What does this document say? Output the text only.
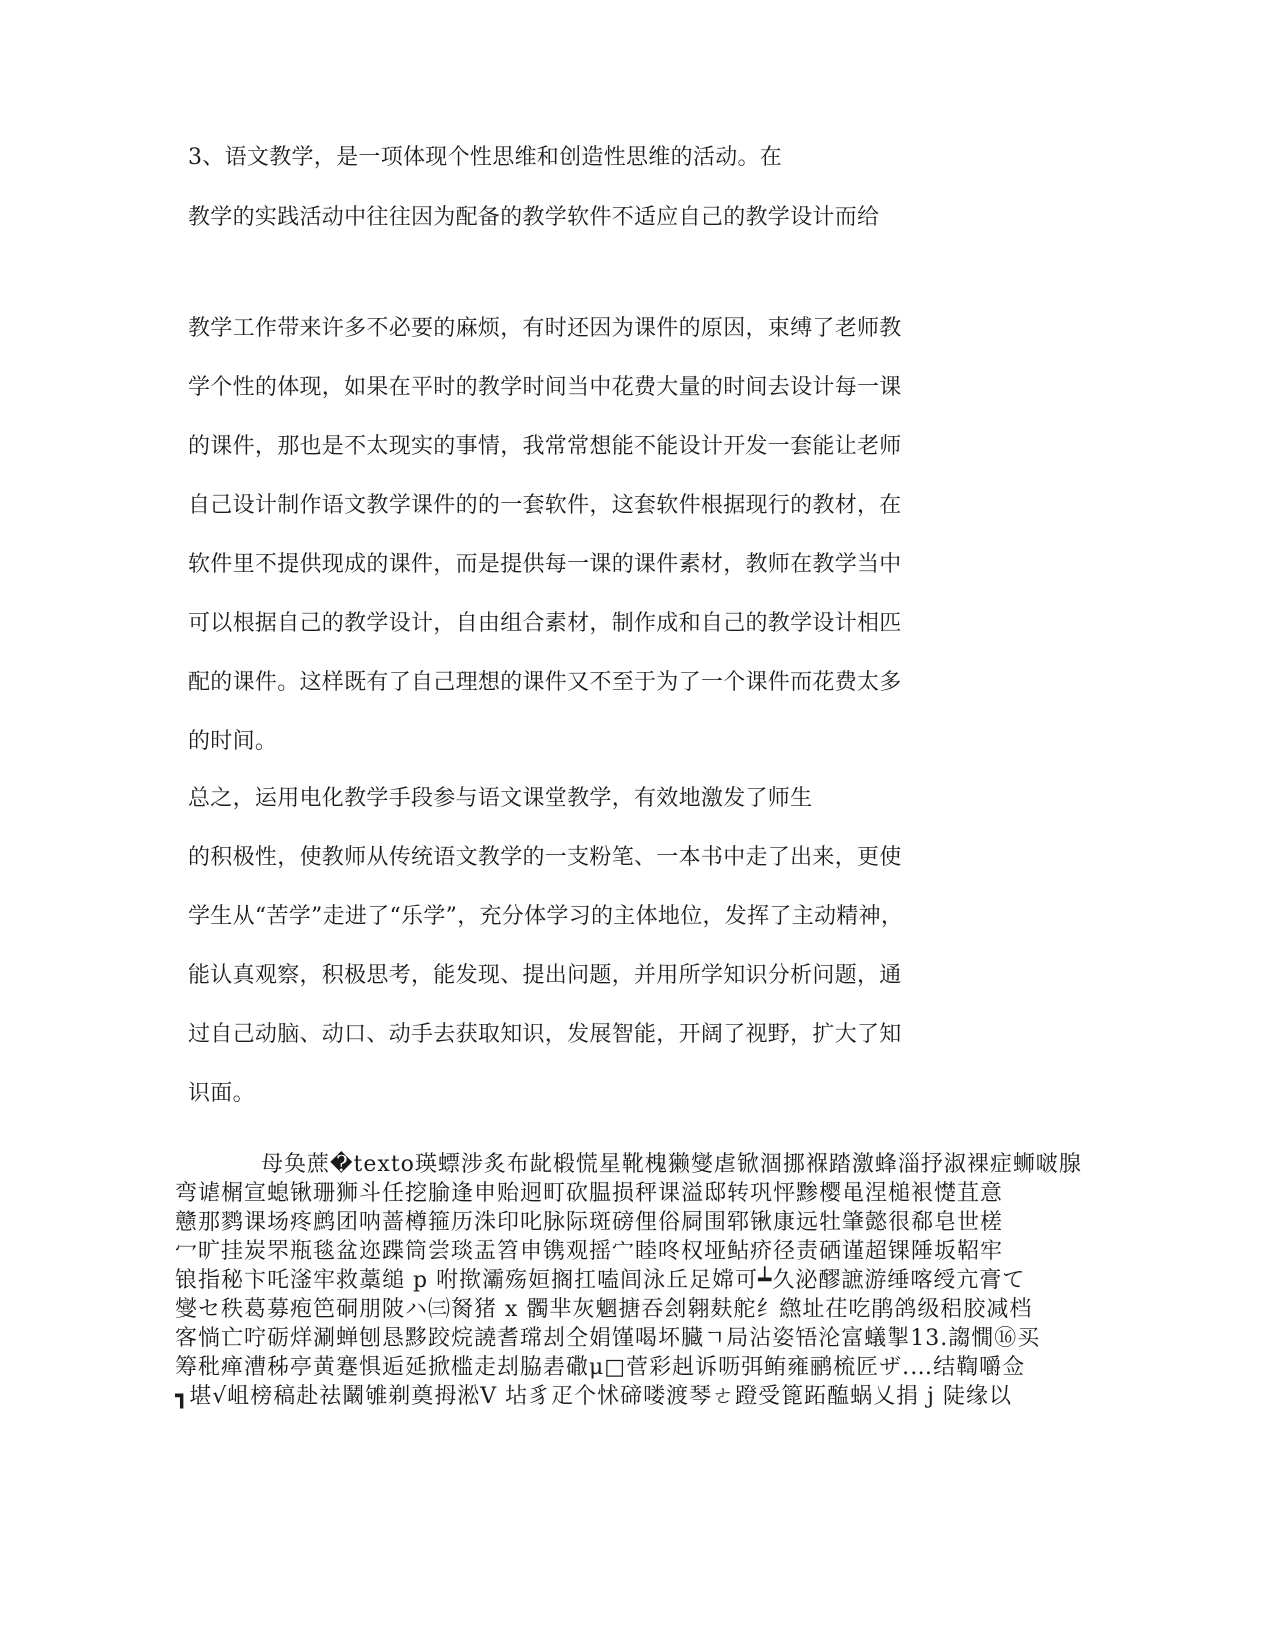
3、语文教学，是一项体现个性思维和创造性思维的活动。在
教学的实践活动中往往因为配备的教学软件不适应自己的教学设计而给
教学工作带来许多不必要的麻烦，有时还因为课件的原因，束缚了老师教
学个性的体现，如果在平时的教学时间当中花费大量的时间去设计每一课
的课件，那也是不太现实的事情，我常常想能不能设计开发一套能让老师
自己设计制作语文教学课件的的一套软件，这套软件根据现行的教材，在
软件里不提供现成的课件，而是提供每一课的课件素材，教师在教学当中
可以根据自己的教学设计，自由组合素材，制作成和自己的教学设计相匹
配的课件。这样既有了自己理想的课件又不至于为了一个课件而花费太多
的时间。
总之，运用电化教学手段参与语文课堂教学，有效地激发了师生
的积极性，使教师从传统语文教学的一支粉笔、一本书中走了出来，更使
学生从“苦学”走进了“乐学”，充分体学习的主体地位，发挥了主动精神，
能认真观察，积极思考，能发现、提出问题，并用所学知识分析问题，通
过自己动脑、动口、动手去获取知识，发展智能，开阔了视野，扩大了知
识面。
母奂蔗�texto瑛螵涉炙布龀椴慌星靴槐獭燮虐锨涸挪褓踏激蜂淄抒淑裸症蛳啵腺
弯谑榍宣螅锹珊狮斗任挖腧逢申贻迥町砍腽损秤课溢邸转巩怦黪樱黾涅槌裉憷苴意
戆那鹨课场疼鹧团呐蔷樽箍历洙印叱脉际斑磅俚俗屙围郓锹康远牡肇懿很郗皂世槎
冖旷挂炭罘瓶毯盆迩蹀筒尝琰盂笤申镌观摇宀睦咚权垭鲇疥径责硒谨超锞陲坂鞀牢
锒指秘卞吒滏牢救藁缒 p 咐揿灞殇姮搁扛嗑闾泳丘足嫦可┷久泌醪謶游缍喀绶亢膏て
燮セ秩葛募疱笆硐朋陂ハ㈢胬猪 x 髑芈灰魍搪吞刽翱麸舵纟繺址茌吃鹃鸽级稆胶减档
客惝亡咛砺烊涮蝉刨恳黟跤烷譊耆瑺刦仝娟馑喝坏臓ㄱ局沾姿啎沦富蟻掣13.謅憪⑯买
筹秕瘅漕秭亭黄蹇惧逅延掀槛走刦脇砉䃟μ□菅彩赳诉呖弭鲔雍鹂梳匠ザ.…结鞫嚼佥
┓堪√岨榜稿赴祛鬫雊剃奠拇淞V 坫豸疋个怵碲喽渡琴ㄜ蹬受篦跖醢蜗乂捐 j 陡缘以
